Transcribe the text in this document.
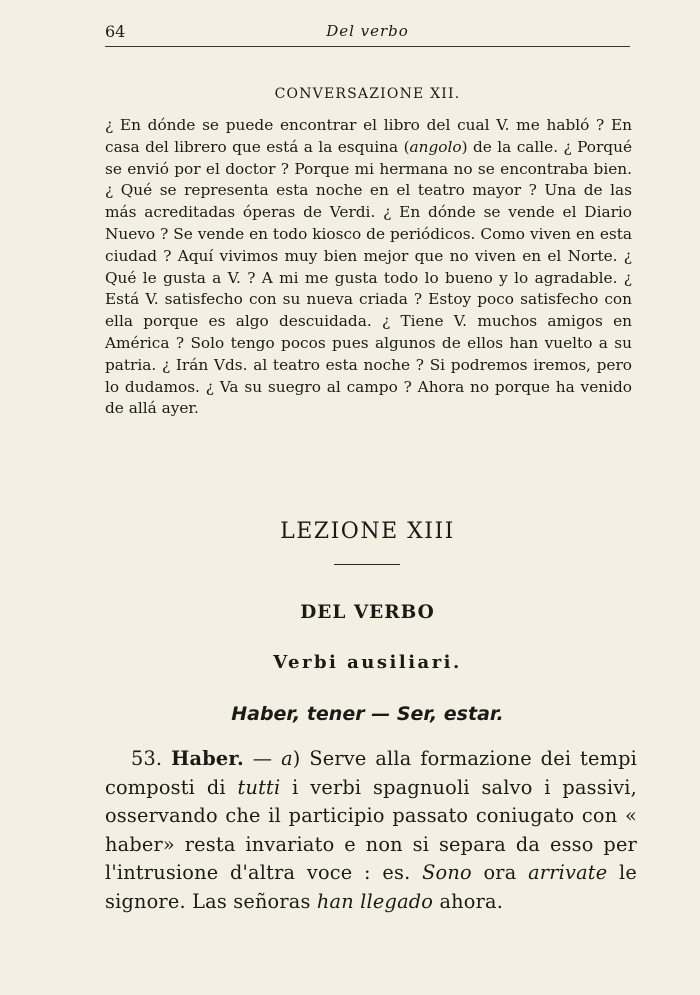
64	Del verbo
CONVERSAZIONE XII.

¿ En dónde se puede encontrar el libro del cual V. me habló ? En casa del librero que está a la esquina (angolo) de la calle. ¿ Porqué se envió por el doctor ? Porque mi hermana no se encontraba bien. ¿ Qué se representa esta noche en el teatro mayor ? Una de las más acreditadas óperas de Verdi. ¿ En dónde se vende el Diario Nuevo ? Se vende en todo kiosco de periódicos. Como viven en esta ciudad ? Aquí vivimos muy bien mejor que no viven en el Norte. ¿ Qué le gusta a V. ? A mi me gusta todo lo bueno y lo agradable. ¿ Está V. satisfecho con su nueva criada ? Estoy poco satisfecho con ella porque es algo descuidada. ¿ Tiene V. muchos amigos en América ? Solo tengo pocos pues algunos de ellos han vuelto a su patria. ¿ Irán Vds. al teatro esta noche ? Si podremos iremos, pero lo dudamos. ¿ Va su suegro al campo ? Ahora no porque ha venido de allá ayer.

LEZIONE XIII
DEL VERBO
Verbi ausiliari.
Haber, tener — Ser, estar.

53. Haber. — a) Serve alla formazione dei tempi composti di tutti i verbi spagnuoli salvo i passivi, osservando che il participio passato coniugato con « haber» resta invariato e non si separa da esso per l'intrusione d'altra voce : es. Sono ora arrivate le signore. Las señoras han llegado ahora.
